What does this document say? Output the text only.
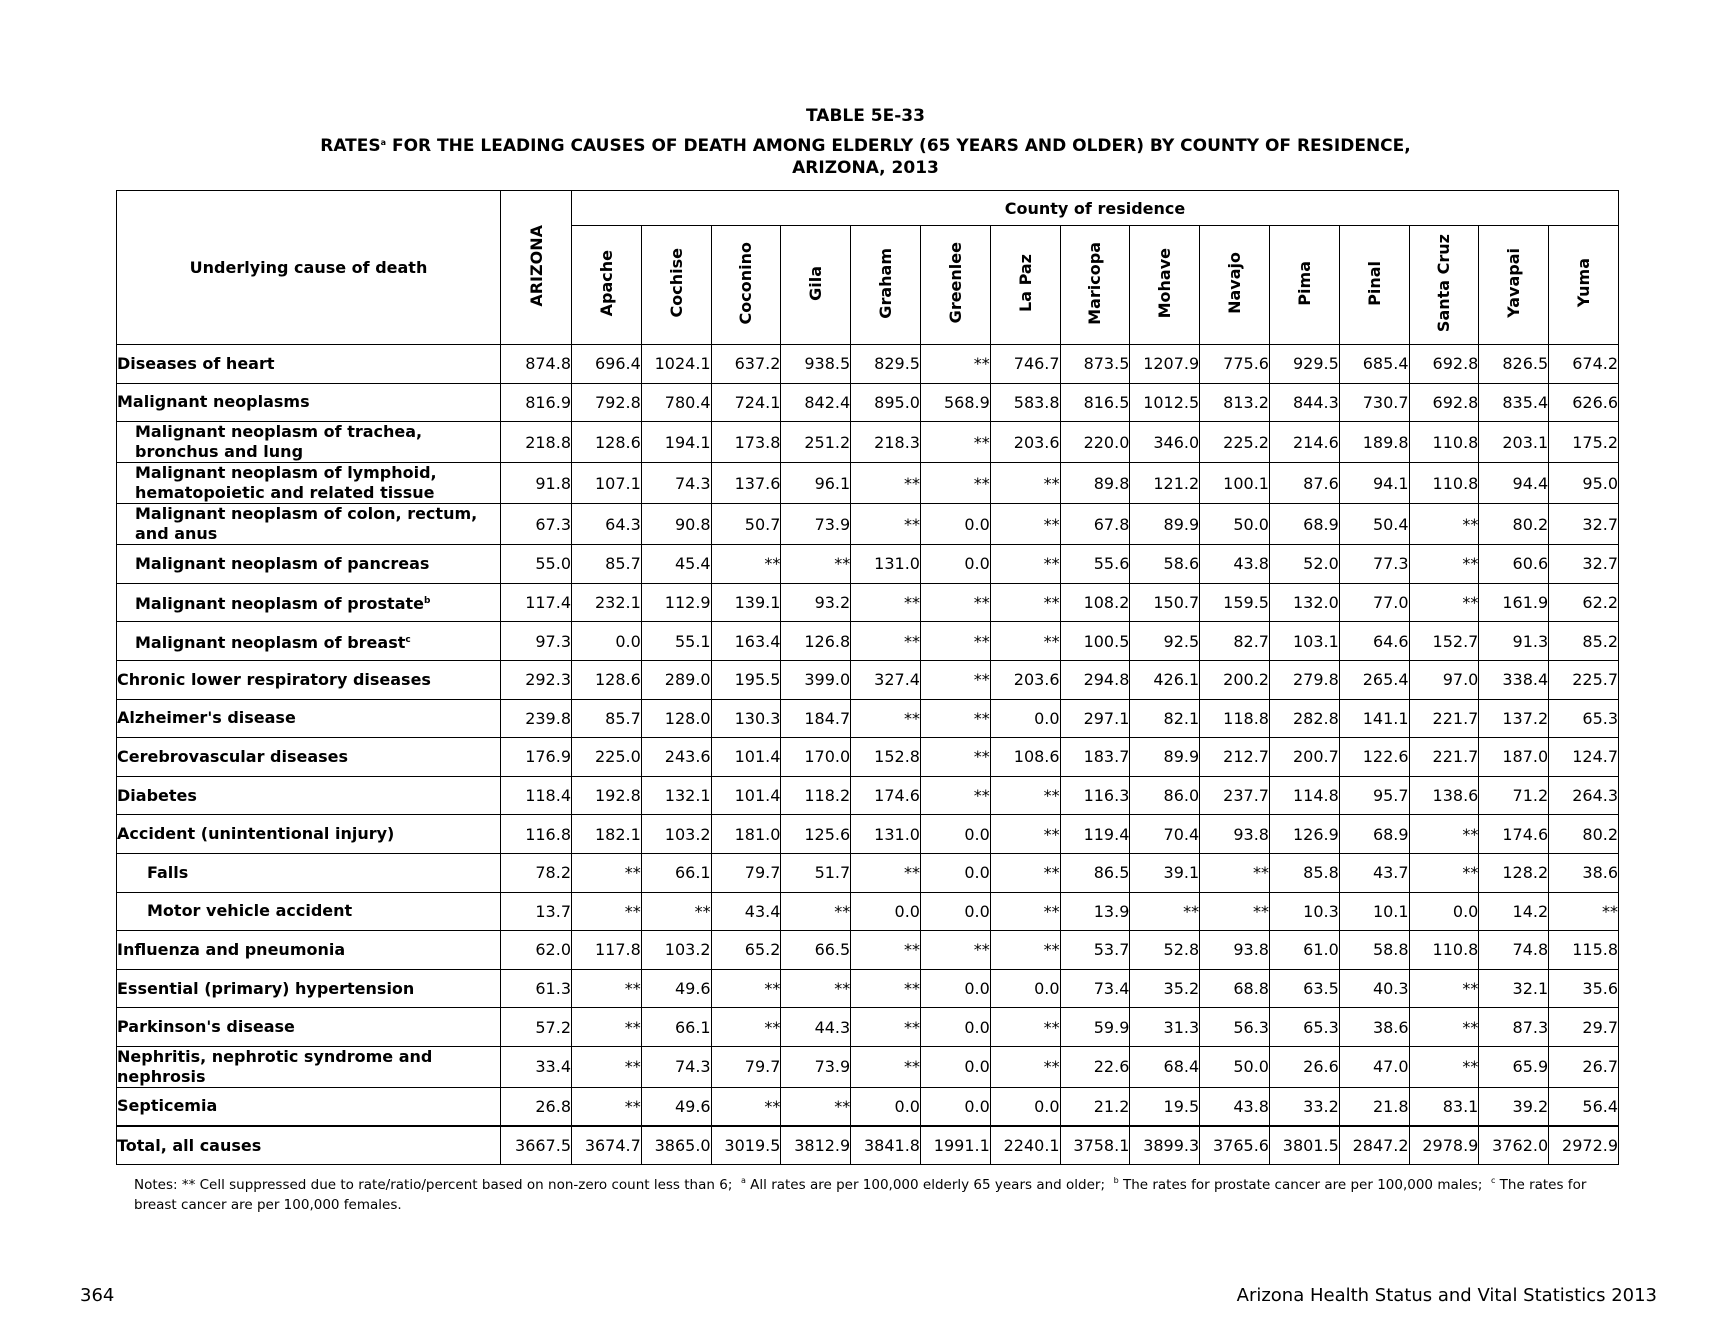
TABLE 5E-33
RATES$^a$ FOR THE LEADING CAUSES OF DEATH AMONG ELDERLY (65 YEARS AND OLDER) BY COUNTY OF RESIDENCE,
ARIZONA, 2013
Underlying cause of death	ARIZONA	County of residence														
		Apache	Cochise	Coconino	Gila	Graham	Greenlee	La Paz	Maricopa	Mohave	Navajo	Pima	Pinal	Santa Cruz	Yavapai	Yuma
Diseases of heart	874.8	696.4	1024.1	637.2	938.5	829.5	**	746.7	873.5	1207.9	775.6	929.5	685.4	692.8	826.5	674.2
Malignant neoplasms	816.9	792.8	780.4	724.1	842.4	895.0	568.9	583.8	816.5	1012.5	813.2	844.3	730.7	692.8	835.4	626.6
Malignant neoplasm of trachea, bronchus and lung	218.8	128.6	194.1	173.8	251.2	218.3	**	203.6	220.0	346.0	225.2	214.6	189.8	110.8	203.1	175.2
Malignant neoplasm of lymphoid, hematopoietic and related tissue	91.8	107.1	74.3	137.6	96.1	**	**	**	89.8	121.2	100.1	87.6	94.1	110.8	94.4	95.0
Malignant neoplasm of colon, rectum, and anus	67.3	64.3	90.8	50.7	73.9	**	0.0	**	67.8	89.9	50.0	68.9	50.4	**	80.2	32.7
Malignant neoplasm of pancreas	55.0	85.7	45.4	**	**	131.0	0.0	**	55.6	58.6	43.8	52.0	77.3	**	60.6	32.7
Malignant neoplasm of prostate$^b$	117.4	232.1	112.9	139.1	93.2	**	**	**	108.2	150.7	159.5	132.0	77.0	**	161.9	62.2
Malignant neoplasm of breast$^c$	97.3	0.0	55.1	163.4	126.8	**	**	**	100.5	92.5	82.7	103.1	64.6	152.7	91.3	85.2
Chronic lower respiratory diseases	292.3	128.6	289.0	195.5	399.0	327.4	**	203.6	294.8	426.1	200.2	279.8	265.4	97.0	338.4	225.7
Alzheimer's disease	239.8	85.7	128.0	130.3	184.7	**	**	0.0	297.1	82.1	118.8	282.8	141.1	221.7	137.2	65.3
Cerebrovascular diseases	176.9	225.0	243.6	101.4	170.0	152.8	**	108.6	183.7	89.9	212.7	200.7	122.6	221.7	187.0	124.7
Diabetes	118.4	192.8	132.1	101.4	118.2	174.6	**	**	116.3	86.0	237.7	114.8	95.7	138.6	71.2	264.3
Accident (unintentional injury)	116.8	182.1	103.2	181.0	125.6	131.0	0.0	**	119.4	70.4	93.8	126.9	68.9	**	174.6	80.2
Falls	78.2	**	66.1	79.7	51.7	**	0.0	**	86.5	39.1	**	85.8	43.7	**	128.2	38.6
Motor vehicle accident	13.7	**	**	43.4	**	0.0	0.0	**	13.9	**	**	10.3	10.1	0.0	14.2	**
Influenza and pneumonia	62.0	117.8	103.2	65.2	66.5	**	**	**	53.7	52.8	93.8	61.0	58.8	110.8	74.8	115.8
Essential (primary) hypertension	61.3	**	49.6	**	**	**	0.0	0.0	73.4	35.2	68.8	63.5	40.3	**	32.1	35.6
Parkinson's disease	57.2	**	66.1	**	44.3	**	0.0	**	59.9	31.3	56.3	65.3	38.6	**	87.3	29.7
Nephritis, nephrotic syndrome and nephrosis	33.4	**	74.3	79.7	73.9	**	0.0	**	22.6	68.4	50.0	26.6	47.0	**	65.9	26.7
Septicemia	26.8	**	49.6	**	**	0.0	0.0	0.0	21.2	19.5	43.8	33.2	21.8	83.1	39.2	56.4
Total, all causes	3667.5	3674.7	3865.0	3019.5	3812.9	3841.8	1991.1	2240.1	3758.1	3899.3	3765.6	3801.5	2847.2	2978.9	3762.0	2972.9
Notes: ** Cell suppressed due to rate/ratio/percent based on non-zero count less than 6; $^a$ All rates are per 100,000 elderly 65 years and older; $^b$ The rates for prostate cancer are per 100,000 males; $^c$ The rates for breast cancer are per 100,000 females.
364	Arizona Health Status and Vital Statistics 2013
